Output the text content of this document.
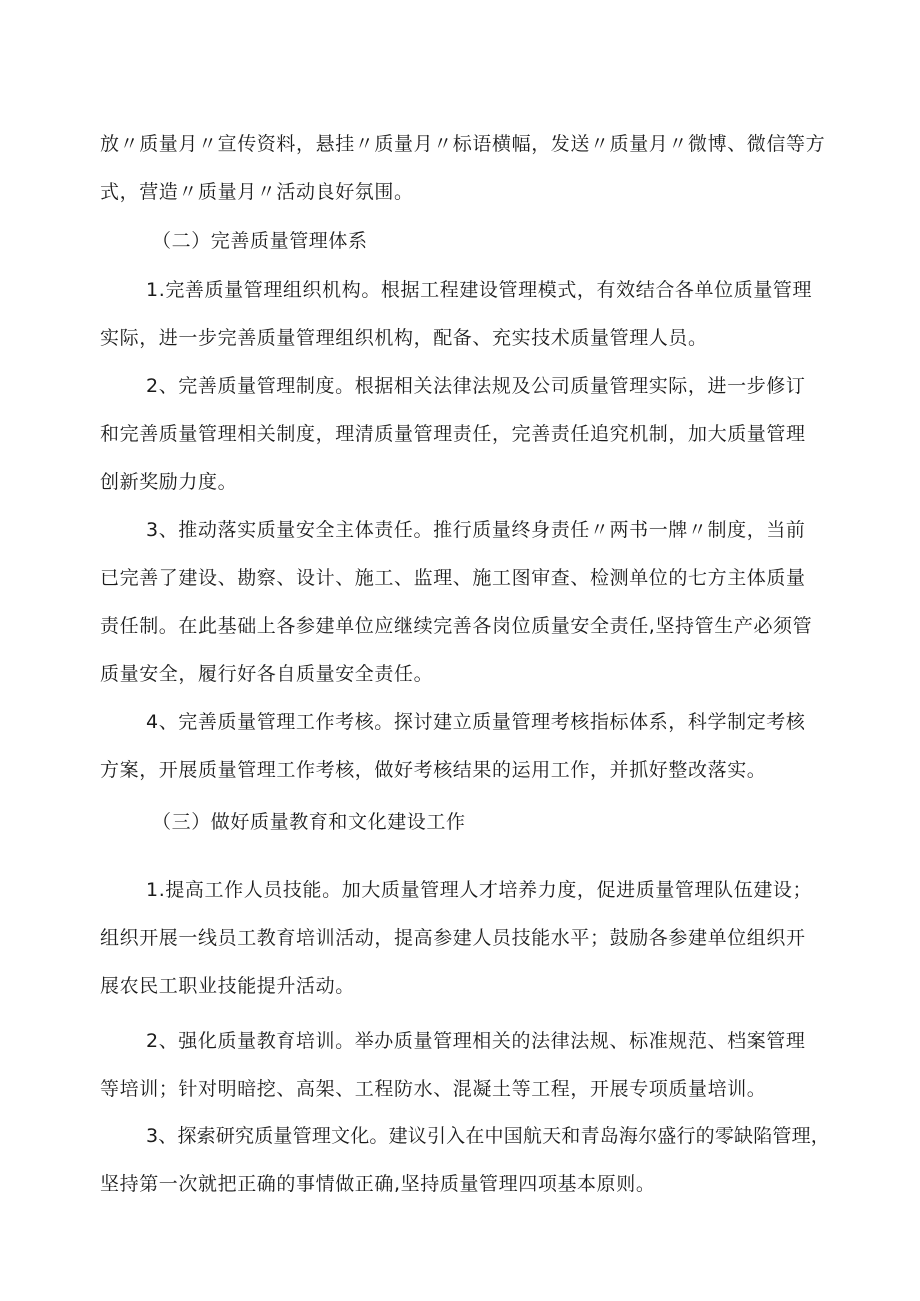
放〃质量月〃宣传资料，悬挂〃质量月〃标语横幅，发送〃质量月〃微博、微信等方
式，营造〃质量月〃活动良好氛围。
（二）完善质量管理体系
1.完善质量管理组织机构。根据工程建设管理模式，有效结合各单位质量管理
实际，进一步完善质量管理组织机构，配备、充实技术质量管理人员。
2、完善质量管理制度。根据相关法律法规及公司质量管理实际，进一步修订
和完善质量管理相关制度，理清质量管理责任，完善责任追究机制，加大质量管理
创新奖励力度。
3、推动落实质量安全主体责任。推行质量终身责任〃两书一牌〃制度，当前
已完善了建设、勘察、设计、施工、监理、施工图审查、检测单位的七方主体质量
责任制。在此基础上各参建单位应继续完善各岗位质量安全责任,坚持管生产必须管
质量安全，履行好各自质量安全责任。
4、完善质量管理工作考核。探讨建立质量管理考核指标体系，科学制定考核
方案，开展质量管理工作考核，做好考核结果的运用工作，并抓好整改落实。
（三）做好质量教育和文化建设工作
1.提高工作人员技能。加大质量管理人才培养力度，促进质量管理队伍建设；
组织开展一线员工教育培训活动，提高参建人员技能水平；鼓励各参建单位组织开
展农民工职业技能提升活动。
2、强化质量教育培训。举办质量管理相关的法律法规、标准规范、档案管理
等培训；针对明暗挖、高架、工程防水、混凝土等工程，开展专项质量培训。
3、探索研究质量管理文化。建议引入在中国航天和青岛海尔盛行的零缺陷管理，
坚持第一次就把正确的事情做正确,坚持质量管理四项基本原则。
